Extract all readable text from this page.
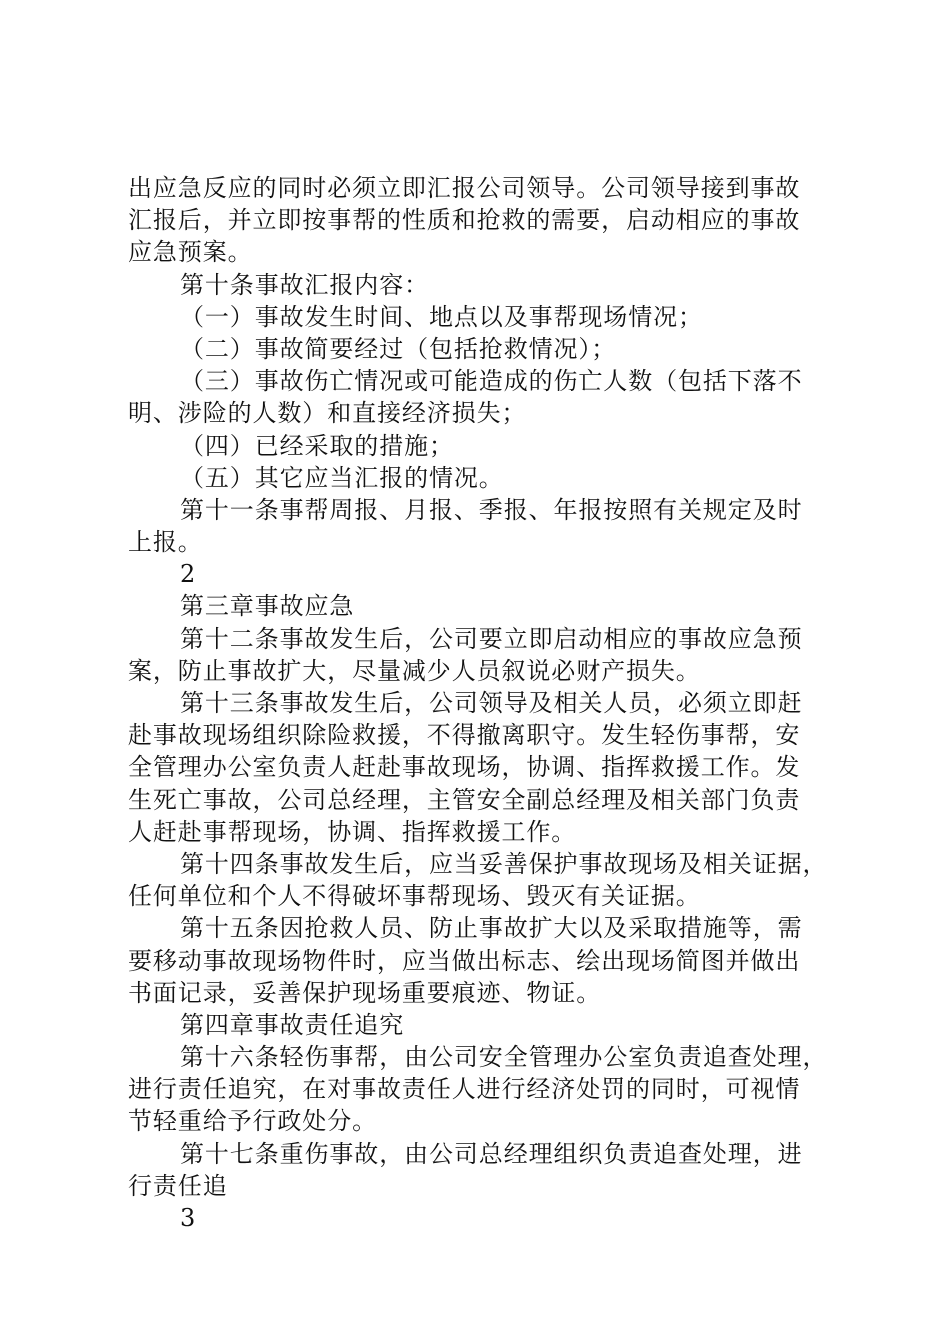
出应急反应的同时必须立即汇报公司领导。公司领导接到事故
汇报后，并立即按事帮的性质和抢救的需要，启动相应的事故
应急预案。
第十条事故汇报内容：
（一）事故发生时间、地点以及事帮现场情况；
（二）事故简要经过（包括抢救情况）；
（三）事故伤亡情况或可能造成的伤亡人数（包括下落不
明、涉险的人数）和直接经济损失；
（四）已经采取的措施；
（五）其它应当汇报的情况。
第十一条事帮周报、月报、季报、年报按照有关规定及时
上报。
2
第三章事故应急
第十二条事故发生后，公司要立即启动相应的事故应急预
案，防止事故扩大，尽量减少人员叙说必财产损失。
第十三条事故发生后，公司领导及相关人员，必须立即赶
赴事故现场组织除险救援，不得撤离职守。发生轻伤事帮，安
全管理办公室负责人赶赴事故现场，协调、指挥救援工作。发
生死亡事故，公司总经理，主管安全副总经理及相关部门负责
人赶赴事帮现场，协调、指挥救援工作。
第十四条事故发生后，应当妥善保护事故现场及相关证据，
任何单位和个人不得破坏事帮现场、毁灭有关证据。
第十五条因抢救人员、防止事故扩大以及采取措施等，需
要移动事故现场物件时，应当做出标志、绘出现场简图并做出
书面记录，妥善保护现场重要痕迹、物证。
第四章事故责任追究
第十六条轻伤事帮，由公司安全管理办公室负责追查处理，
进行责任追究，在对事故责任人进行经济处罚的同时，可视情
节轻重给予行政处分。
第十七条重伤事故，由公司总经理组织负责追查处理，进
行责任追
3
